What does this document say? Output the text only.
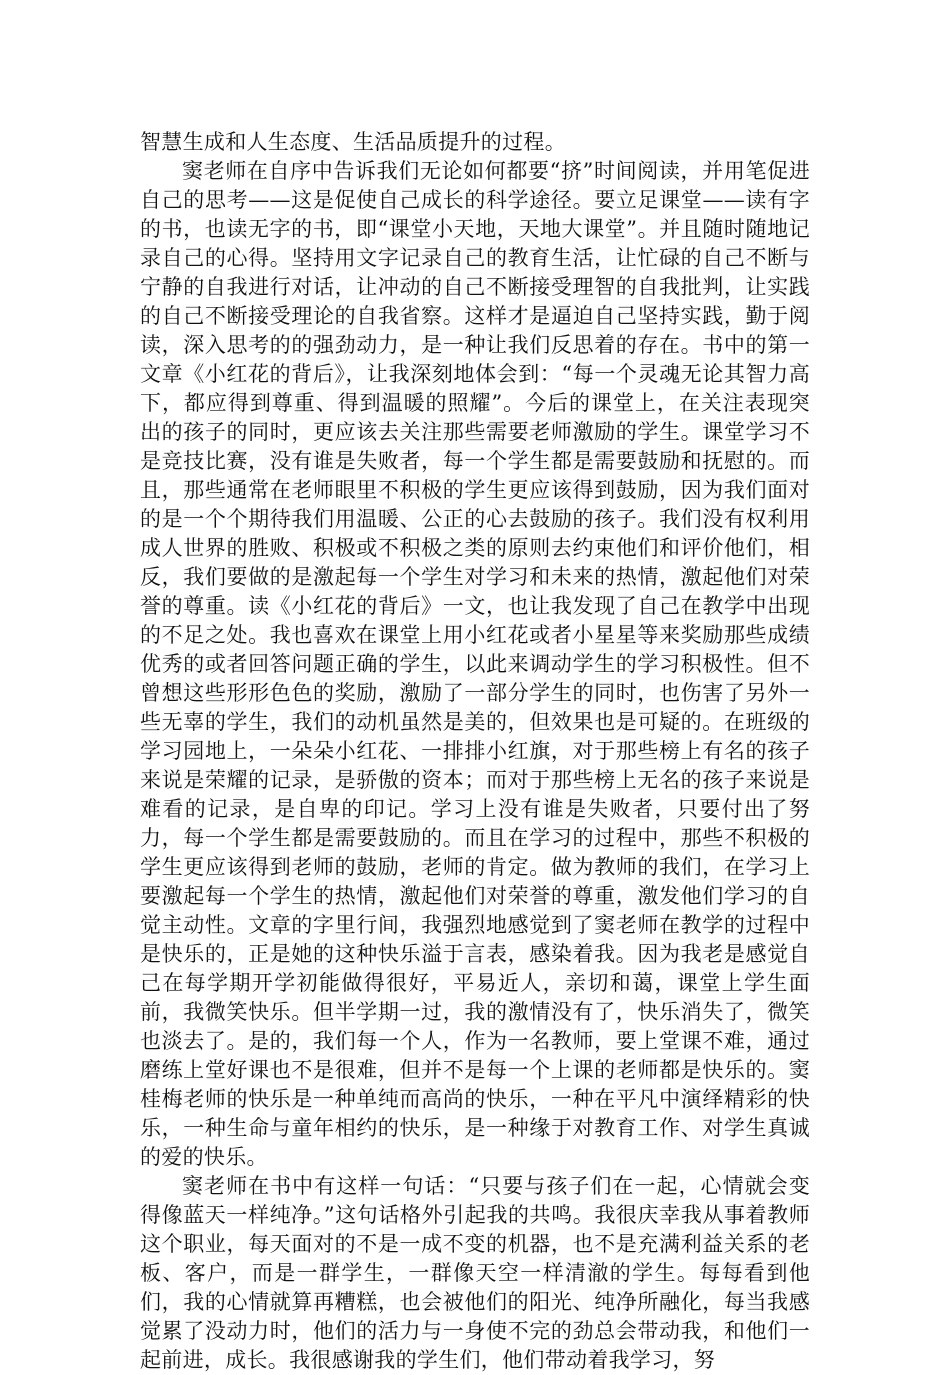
智慧生成和人生态度、生活品质提升的过程。

窦老师在自序中告诉我们无论如何都要“挤”时间阅读，并用笔促进自己的思考——这是促使自己成长的科学途径。要立足课堂——读有字的书，也读无字的书，即“课堂小天地，天地大课堂”。并且随时随地记录自己的心得。坚持用文字记录自己的教育生活，让忙碌的自己不断与宁静的自我进行对话，让冲动的自己不断接受理智的自我批判，让实践的自己不断接受理论的自我省察。这样才是逼迫自己坚持实践，勤于阅读，深入思考的的强劲动力，是一种让我们反思着的存在。书中的第一文章《小红花的背后》，让我深刻地体会到：“每一个灵魂无论其智力高下，都应得到尊重、得到温暖的照耀”。今后的课堂上，在关注表现突出的孩子的同时，更应该去关注那些需要老师激励的学生。课堂学习不是竞技比赛，没有谁是失败者，每一个学生都是需要鼓励和抚慰的。而且，那些通常在老师眼里不积极的学生更应该得到鼓励，因为我们面对的是一个个期待我们用温暖、公正的心去鼓励的孩子。我们没有权利用成人世界的胜败、积极或不积极之类的原则去约束他们和评价他们，相反，我们要做的是激起每一个学生对学习和未来的热情，激起他们对荣誉的尊重。读《小红花的背后》一文，也让我发现了自己在教学中出现的不足之处。我也喜欢在课堂上用小红花或者小星星等来奖励那些成绩优秀的或者回答问题正确的学生，以此来调动学生的学习积极性。但不曾想这些形形色色的奖励，激励了一部分学生的同时，也伤害了另外一些无辜的学生，我们的动机虽然是美的，但效果也是可疑的。在班级的学习园地上，一朵朵小红花、一排排小红旗，对于那些榜上有名的孩子来说是荣耀的记录，是骄傲的资本；而对于那些榜上无名的孩子来说是难看的记录，是自卑的印记。学习上没有谁是失败者，只要付出了努力，每一个学生都是需要鼓励的。而且在学习的过程中，那些不积极的学生更应该得到老师的鼓励，老师的肯定。做为教师的我们，在学习上要激起每一个学生的热情，激起他们对荣誉的尊重，激发他们学习的自觉主动性。文章的字里行间，我强烈地感觉到了窦老师在教学的过程中是快乐的，正是她的这种快乐溢于言表，感染着我。因为我老是感觉自己在每学期开学初能做得很好，平易近人，亲切和蔼，课堂上学生面前，我微笑快乐。但半学期一过，我的激情没有了，快乐消失了，微笑也淡去了。是的，我们每一个人，作为一名教师，要上堂课不难，通过磨练上堂好课也不是很难，但并不是每一个上课的老师都是快乐的。窦桂梅老师的快乐是一种单纯而高尚的快乐，一种在平凡中演绎精彩的快乐，一种生命与童年相约的快乐，是一种缘于对教育工作、对学生真诚的爱的快乐。

窦老师在书中有这样一句话：“只要与孩子们在一起，心情就会变得像蓝天一样纯净。”这句话格外引起我的共鸣。我很庆幸我从事着教师这个职业，每天面对的不是一成不变的机器，也不是充满利益关系的老板、客户，而是一群学生，一群像天空一样清澈的学生。每每看到他们，我的心情就算再糟糕，也会被他们的阳光、纯净所融化，每当我感觉累了没动力时，他们的活力与一身使不完的劲总会带动我，和他们一起前进，成长。我很感谢我的学生们，他们带动着我学习，努
